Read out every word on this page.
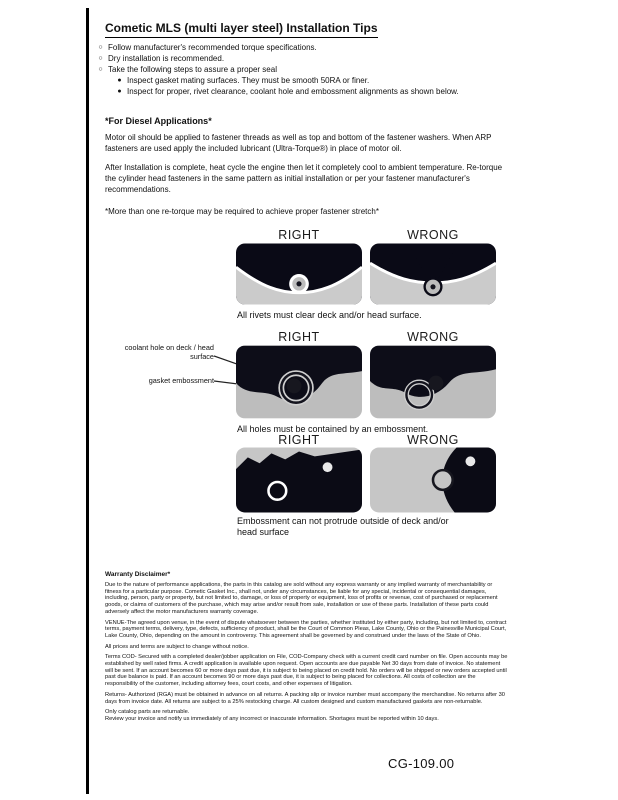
Cometic MLS (multi layer steel) Installation Tips
○ Follow manufacturer's recommended torque specifications.
○ Dry installation is recommended.
○ Take the following steps to assure a proper seal
● Inspect gasket mating surfaces. They must be smooth 50RA or finer.
● Inspect for proper, rivet clearance, coolant hole and embossment alignments as shown below.
*For Diesel Applications*
Motor oil should be applied to fastener threads as well as top and bottom of the fastener washers. When ARP fasteners are used apply the included lubricant (Ultra-Torque®) in place of motor oil.
After Installation is complete, heat cycle the engine then let it completely cool to ambient temperature. Re-torque the cylinder head fasteners in the same pattern as initial installation or per your fastener manufacturer's recommendations.
*More than one re-torque may be required to achieve proper fastener stretch*
RIGHT	WRONG
All rivets must clear deck and/or head surface.
RIGHT	WRONG
coolant hole on deck / head surface
gasket embossment
All holes must be contained by an embossment.
RIGHT	WRONG
Embossment can not protrude outside of deck and/or head surface
Warranty Disclaimer*

Due to the nature of performance applications, the parts in this catalog are sold without any express warranty or any implied warranty of merchantability or fitness for a particular purpose. Cometic Gasket Inc., shall not, under any circumstances, be liable for any special, incidental or consequential damages, including, person, party or property, but not limited to, damage, or loss of property or equipment, loss of profits or revenue, cost of purchased or replacement goods, or claims of customers of the purchase, which may arise and/or result from sale, installation or use of these parts. Installation of these parts could adversely affect the motor manufacturers warranty coverage.

VENUE-The agreed upon venue, in the event of dispute whatsoever between the parties, whether instituted by either party, including, but not limited to, contract terms, payment terms, delivery, type, defects, sufficiency of product, shall be the Court of Common Pleas, Lake County, Ohio or the Painesville Municipal Court, Lake County, Ohio, depending on the amount in controversy. This agreement shall be governed by and construed under the laws of the State of Ohio.

All prices and terms are subject to change without notice.

Terms COD- Secured with a completed dealer/jobber application on File, COD-Company check with a current credit card number on file. Open accounts may be established by well rated firms. A credit application is available upon request. Open accounts are due payable Net 30 days from date of invoice. No statement will be sent. If an account becomes 60 or more days past due, it is subject to being placed on credit hold. No orders will be shipped or new orders accepted until past due balance is paid. If an account becomes 90 or more days past due, it is subject to being placed for collections. All costs of collection are the responsibility of the customer, including attorney fees, court costs, and other expenses of litigation.

Returns- Authorized (RGA) must be obtained in advance on all returns. A packing slip or invoice number must accompany the merchandise. No returns after 30 days from invoice date. All returns are subject to a 25% restocking charge. All custom designed and custom manufactured gaskets are non-returnable.

Only catalog parts are returnable.

Review your invoice and notify us immediately of any incorrect or inaccurate information. Shortages must be reported within 10 days.

CG-109.00
